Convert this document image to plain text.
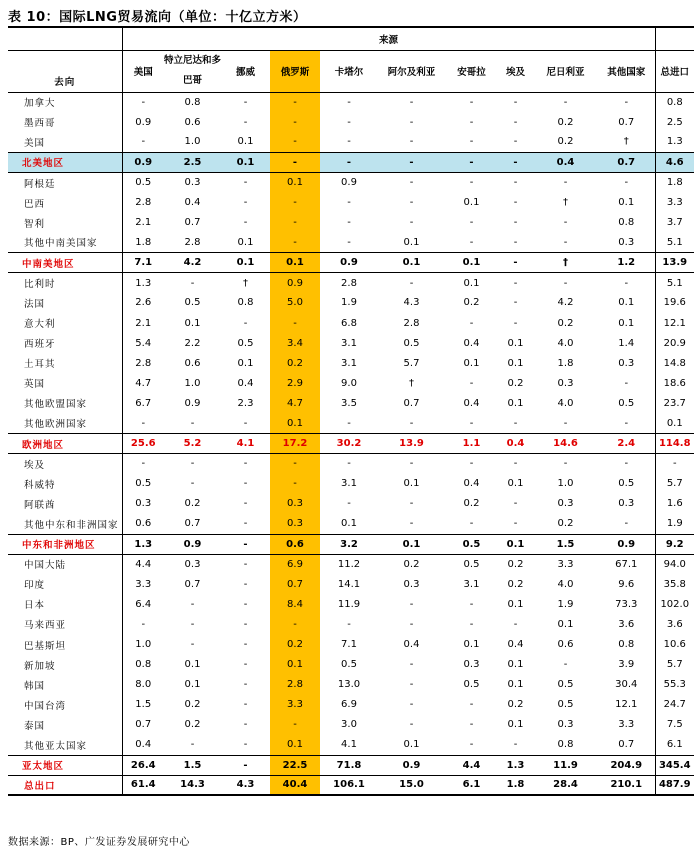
表 10：国际LNG贸易流向（单位：十亿立方米）
	来源										
去向	美国	特立尼达和多巴哥	挪威	俄罗斯	卡塔尔	阿尔及利亚	安哥拉	埃及	尼日利亚	其他国家	总进口
加拿大	-	0.8	-	-	-	-	-	-	-	-	0.8
墨西哥	0.9	0.6	-	-	-	-	-	-	0.2	0.7	2.5
美国	-	1.0	0.1	-	-	-	-	-	0.2	†	1.3
北美地区	0.9	2.5	0.1	-	-	-	-	-	0.4	0.7	4.6
阿根廷	0.5	0.3	-	0.1	0.9	-	-	-	-	-	1.8
巴西	2.8	0.4	-	-	-	-	0.1	-	†	0.1	3.3
智利	2.1	0.7	-	-	-	-	-	-	-	0.8	3.7
其他中南美国家	1.8	2.8	0.1	-	-	0.1	-	-	-	0.3	5.1
中南美地区	7.1	4.2	0.1	0.1	0.9	0.1	0.1	-	†	1.2	13.9
比利时	1.3	-	†	0.9	2.8	-	0.1	-	-	-	5.1
法国	2.6	0.5	0.8	5.0	1.9	4.3	0.2	-	4.2	0.1	19.6
意大利	2.1	0.1	-	-	6.8	2.8	-	-	0.2	0.1	12.1
西班牙	5.4	2.2	0.5	3.4	3.1	0.5	0.4	0.1	4.0	1.4	20.9
土耳其	2.8	0.6	0.1	0.2	3.1	5.7	0.1	0.1	1.8	0.3	14.8
英国	4.7	1.0	0.4	2.9	9.0	†	-	0.2	0.3	-	18.6
其他欧盟国家	6.7	0.9	2.3	4.7	3.5	0.7	0.4	0.1	4.0	0.5	23.7
其他欧洲国家	-	-	-	0.1	-	-	-	-	-	-	0.1
欧洲地区	25.6	5.2	4.1	17.2	30.2	13.9	1.1	0.4	14.6	2.4	114.8
埃及	-	-	-	-	-	-	-	-	-	-	-
科威特	0.5	-	-	-	3.1	0.1	0.4	0.1	1.0	0.5	5.7
阿联酋	0.3	0.2	-	0.3	-	-	0.2	-	0.3	0.3	1.6
其他中东和非洲国家	0.6	0.7	-	0.3	0.1	-	-	-	0.2	-	1.9
中东和非洲地区	1.3	0.9	-	0.6	3.2	0.1	0.5	0.1	1.5	0.9	9.2
中国大陆	4.4	0.3	-	6.9	11.2	0.2	0.5	0.2	3.3	67.1	94.0
印度	3.3	0.7	-	0.7	14.1	0.3	3.1	0.2	4.0	9.6	35.8
日本	6.4	-	-	8.4	11.9	-	-	0.1	1.9	73.3	102.0
马来西亚	-	-	-	-	-	-	-	-	0.1	3.6	3.6
巴基斯坦	1.0	-	-	0.2	7.1	0.4	0.1	0.4	0.6	0.8	10.6
新加坡	0.8	0.1	-	0.1	0.5	-	0.3	0.1	-	3.9	5.7
韩国	8.0	0.1	-	2.8	13.0	-	0.5	0.1	0.5	30.4	55.3
中国台湾	1.5	0.2	-	3.3	6.9	-	-	0.2	0.5	12.1	24.7
泰国	0.7	0.2	-	-	3.0	-	-	0.1	0.3	3.3	7.5
其他亚太国家	0.4	-	-	0.1	4.1	0.1	-	-	0.8	0.7	6.1
亚太地区	26.4	1.5	-	22.5	71.8	0.9	4.4	1.3	11.9	204.9	345.4
总出口	61.4	14.3	4.3	40.4	106.1	15.0	6.1	1.8	28.4	210.1	487.9
数据来源：BP、广发证券发展研究中心
